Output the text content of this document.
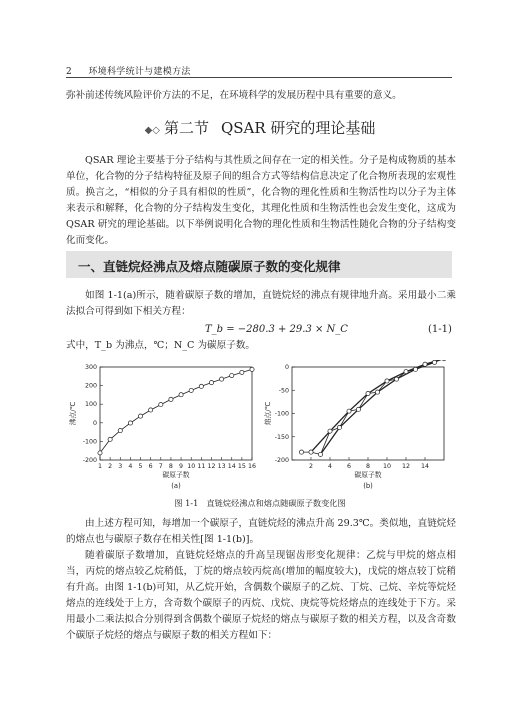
2 环境科学统计与建模方法
弥补前述传统风险评价方法的不足，在环境科学的发展历程中具有重要的意义。
◆◇ 第二节 QSAR 研究的理论基础
QSAR 理论主要基于分子结构与其性质之间存在一定的相关性。分子是构成物质的基本单位，化合物的分子结构特征及原子间的组合方式等结构信息决定了化合物所表现的宏观性质。换言之，“相似的分子具有相似的性质”，化合物的理化性质和生物活性均以分子为主体来表示和解释，化合物的分子结构发生变化，其理化性质和生物活性也会发生变化，这成为 QSAR 研究的理论基础。以下举例说明化合物的理化性质和生物活性随化合物的分子结构变化而变化。
一、直链烷烃沸点及熔点随碳原子数的变化规律
如图 1-1(a)所示，随着碳原子数的增加，直链烷烃的沸点有规律地升高。采用最小二乘法拟合可得到如下相关方程：
T_b = −280.3 + 29.3 × N_C	(1-1)
式中，T_b 为沸点，℃；N_C 为碳原子数。
1 2 3 4 5 6 7 8 9 10 11 12 13 14 15 16
-200
-100
0
100
200
300
碳原子数
沸点/℃
(a)
2 4 6 8 10 12 14
-200
-150
-100
-50
0
碳原子数
熔点/℃
(b)
图 1-1　直链烷烃沸点和熔点随碳原子数变化图
由上述方程可知，每增加一个碳原子，直链烷烃的沸点升高 29.3℃。类似地，直链烷烃的熔点也与碳原子数存在相关性[图 1-1(b)]。
随着碳原子数增加，直链烷烃熔点的升高呈现锯齿形变化规律：乙烷与甲烷的熔点相当，丙烷的熔点较乙烷稍低，丁烷的熔点较丙烷高(增加的幅度较大)，戊烷的熔点较丁烷稍有升高。由图 1-1(b)可知，从乙烷开始，含偶数个碳原子的乙烷、丁烷、己烷、辛烷等烷烃熔点的连线处于上方，含奇数个碳原子的丙烷、戊烷、庚烷等烷烃熔点的连线处于下方。采用最小二乘法拟合分别得到含偶数个碳原子烷烃的熔点与碳原子数的相关方程，以及含奇数个碳原子烷烃的熔点与碳原子数的相关方程如下：
